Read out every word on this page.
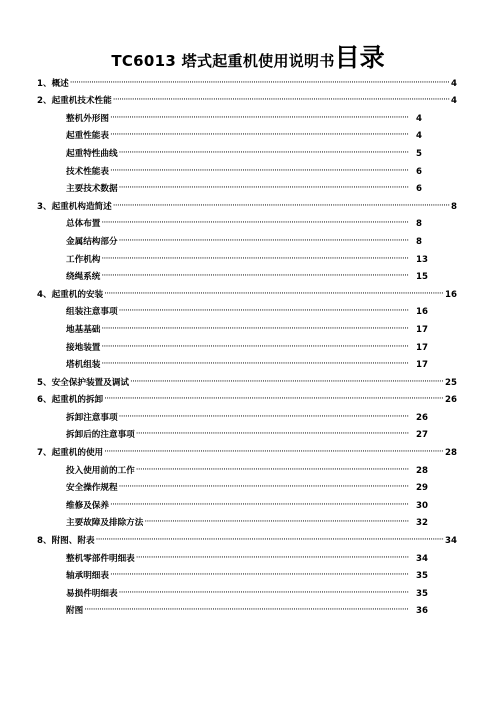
TC6013 塔式起重机使用说明书目录
1、 概述 ·····	4
2、 起重机技术性能 ·····	4
整机外形图 ·····	4
起重性能表 ·····	4
起重特性曲线 ·····	5
技术性能表 ·····	6
主要技术数据 ·····	6
3、 起重机构造简述 ·····	8
总体布置 ·····	8
金属结构部分 ·····	8
工作机构 ·····	13
绕绳系统 ·····	15
4、 起重机的安装 ·····	16
组装注意事项 ·····	16
地基基础 ·····	17
接地装置 ·····	17
塔机组装 ·····	17
5、 安全保护装置及调试 ·····	25
6、 起重机的拆卸 ·····	26
拆卸注意事项 ·····	26
拆卸后的注意事项 ·····	27
7、 起重机的使用 ·····	28
投入使用前的工作 ·····	28
安全操作规程 ·····	29
维修及保养 ·····	30
主要故障及排除方法 ·····	32
8、 附图、附表 ·····	34
整机零部件明细表 ·····	34
轴承明细表 ·····	35
易损件明细表 ·····	35
附图 ·····	36
